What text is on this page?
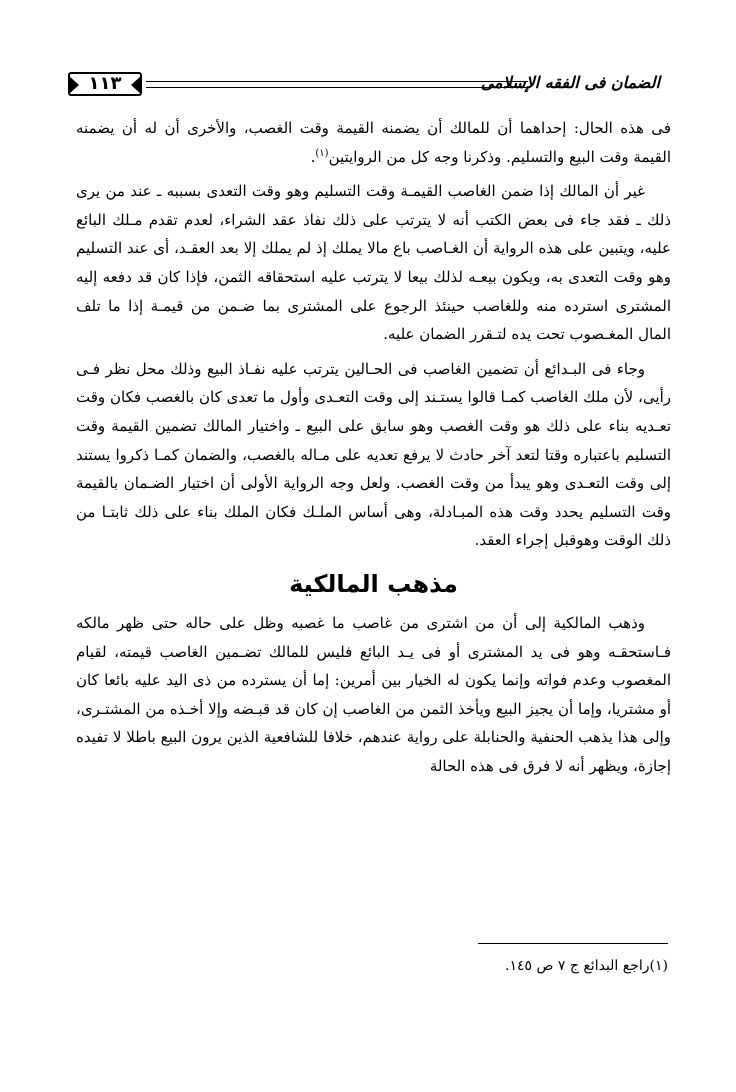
الضمان فى الفقه الإسلامى
١١٣

فى هذه الحال: إحداهما أن للمالك أن يضمنه القيمة وقت الغصب، والأخرى أن له أن يضمنه القيمة وقت البيع والتسليم. وذكرنا وجه كل من الروايتين$^{(١)}$.

غير أن المالك إذا ضمن الغاصب القيمـة وقت التسليم وهو وقت التعدى بسببه ـ عند من يرى ذلك ـ فقد جاء فى بعض الكتب أنه لا يترتب على ذلك نفاذ عقد الشراء، لعدم تقدم مـلك البائع عليه، ويتبين على هذه الرواية أن الغـاصب باع مالا يملك إذ لم يملك إلا بعد العقـد، أى عند التسليم وهو وقت التعدى به، ويكون بيعـه لذلك بيعا لا يترتب عليه استحقاقه الثمن، فإذا كان قد دفعه إليه المشترى استرده منه وللغاصب حينئذ الرجوع على المشترى بما ضـمن من قيمـة إذا ما تلف المال المغـصوب تحت يده لتـقرر الضمان عليه.

وجاء فى البـدائع أن تضمين الغاصب فى الحـالين يترتب عليه نفـاذ البيع وذلك محل نظر فـى رأيى، لأن ملك الغاصب كمـا قالوا يستـند إلى وقت التعـدى وأول ما تعدى كان بالغصب فكان وقت تعـديه بناء على ذلك هو وقت الغصب وهو سابق على البيع ـ واختيار المالك تضمين القيمة وقت التسليم باعتباره وقتا لتعد آخر حادث لا يرفع تعديه على مـاله بالغصب، والضمان كمـا ذكروا يستند إلى وقت التعـدى وهو يبدأ من وقت الغصب. ولعل وجه الرواية الأولى أن اختيار الضـمان بالقيمة وقت التسليم يحدد وقت هذه المبـادلة، وهى أساس الملـك فكان الملك بناء على ذلك ثابتـا من ذلك الوقت وهوقبل إجراء العقد.

مذهب المالكية

وذهب المالكية إلى أن من اشترى من غاصب ما غصبه وظل على حاله حتى ظهر مالكه فـاستحقـه وهو فى يد المشترى أو فى يـد البائع فليس للمالك تضـمين الغاصب قيمته، لقيام المغصوب وعدم فواته وإنما يكون له الخيار بين أمرين: إما أن يسترده من ذى اليد عليه بائعا كان أو مشتريا، وإما أن يجيز البيع ويأخذ الثمن من الغاصب إن كان قد قبـضه وإلا أخـذه من المشتـرى، وإلى هذا يذهب الحنفية والحنابلة على رواية عندهم، خلافا للشافعية الذين يرون البيع باطلا لا تفيده إجازة، ويظهر أنه لا فرق فى هذه الحالة

(١)راجع البدائع ج ٧ ص ١٤٥.
